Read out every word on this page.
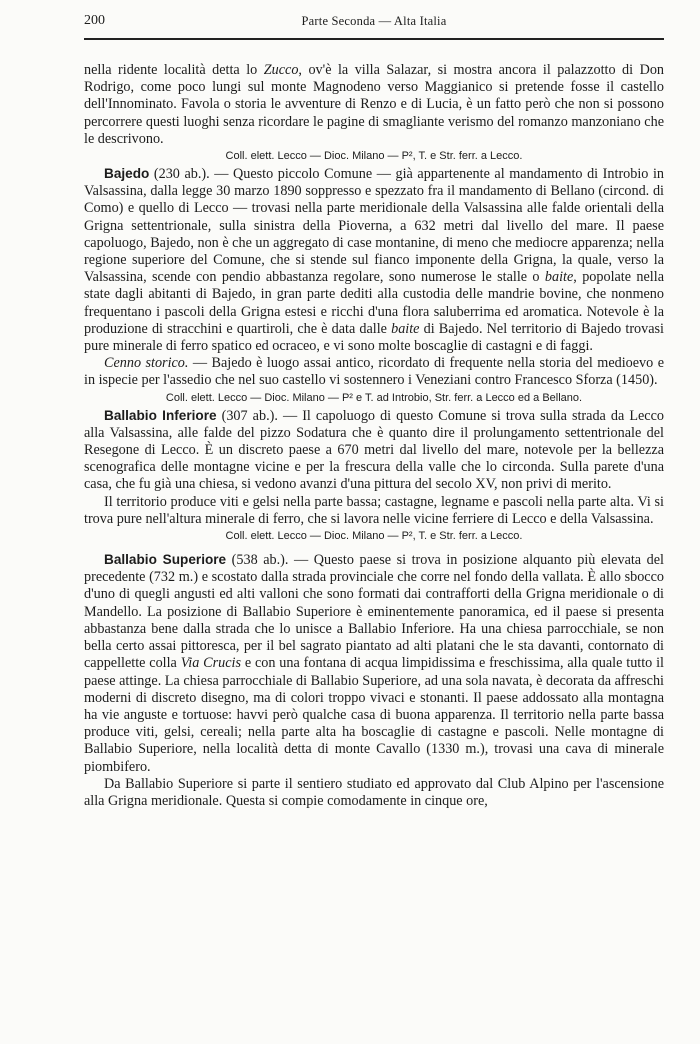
200	Parte Seconda — Alta Italia

nella ridente località detta lo Zucco, ov'è la villa Salazar, si mostra ancora il palazzotto di Don Rodrigo, come poco lungi sul monte Magnodeno verso Maggianico si pretende fosse il castello dell'Innominato. Favola o storia le avventure di Renzo e di Lucia, è un fatto però che non si possono percorrere questi luoghi senza ricordare le pagine di smagliante verismo del romanzo manzoniano che le descrivono.

Coll. elett. Lecco — Dioc. Milano — P², T. e Str. ferr. a Lecco.

Bajedo (230 ab.). — Questo piccolo Comune — già appartenente al mandamento di Introbio in Valsassina, dalla legge 30 marzo 1890 soppresso e spezzato fra il mandamento di Bellano (circond. di Como) e quello di Lecco — trovasi nella parte meridionale della Valsassina alle falde orientali della Grigna settentrionale, sulla sinistra della Pioverna, a 632 metri dal livello del mare. Il paese capoluogo, Bajedo, non è che un aggregato di case montanine, di meno che mediocre apparenza; nella regione superiore del Comune, che si stende sul fianco imponente della Grigna, la quale, verso la Valsassina, scende con pendio abbastanza regolare, sono numerose le stalle o baite, popolate nella state dagli abitanti di Bajedo, in gran parte dediti alla custodia delle mandrie bovine, che nonmeno frequentano i pascoli della Grigna estesi e ricchi d'una flora saluberrima ed aromatica. Notevole è la produzione di stracchini e quartiroli, che è data dalle baite di Bajedo. Nel territorio di Bajedo trovasi pure minerale di ferro spatico ed ocraceo, e vi sono molte boscaglie di castagni e di faggi.

Cenno storico. — Bajedo è luogo assai antico, ricordato di frequente nella storia del medioevo e in ispecie per l'assedio che nel suo castello vi sostennero i Veneziani contro Francesco Sforza (1450).

Coll. elett. Lecco — Dioc. Milano — P² e T. ad Introbio, Str. ferr. a Lecco ed a Bellano.

Ballabio Inferiore (307 ab.). — Il capoluogo di questo Comune si trova sulla strada da Lecco alla Valsassina, alle falde del pizzo Sodatura che è quanto dire il prolungamento settentrionale del Resegone di Lecco. È un discreto paese a 670 metri dal livello del mare, notevole per la bellezza scenografica delle montagne vicine e per la frescura della valle che lo circonda. Sulla parete d'una casa, che fu già una chiesa, si vedono avanzi d'una pittura del secolo XV, non privi di merito.

Il territorio produce viti e gelsi nella parte bassa; castagne, legname e pascoli nella parte alta. Vi si trova pure nell'altura minerale di ferro, che si lavora nelle vicine ferriere di Lecco e della Valsassina.

Coll. elett. Lecco — Dioc. Milano — P², T. e Str. ferr. a Lecco.

Ballabio Superiore (538 ab.). — Questo paese si trova in posizione alquanto più elevata del precedente (732 m.) e scostato dalla strada provinciale che corre nel fondo della vallata. È allo sbocco d'uno di quegli angusti ed alti valloni che sono formati dai contrafforti della Grigna meridionale o di Mandello. La posizione di Ballabio Superiore è eminentemente panoramica, ed il paese si presenta abbastanza bene dalla strada che lo unisce a Ballabio Inferiore. Ha una chiesa parrocchiale, se non bella certo assai pittoresca, per il bel sagrato piantato ad alti platani che le sta davanti, contornato di cappellette colla Via Crucis e con una fontana di acqua limpidissima e freschissima, alla quale tutto il paese attinge. La chiesa parrocchiale di Ballabio Superiore, ad una sola navata, è decorata da affreschi moderni di discreto disegno, ma di colori troppo vivaci e stonanti. Il paese addossato alla montagna ha vie anguste e tortuose: havvi però qualche casa di buona apparenza. Il territorio nella parte bassa produce viti, gelsi, cereali; nella parte alta ha boscaglie di castagne e pascoli. Nelle montagne di Ballabio Superiore, nella località detta di monte Cavallo (1330 m.), trovasi una cava di minerale piombifero.

Da Ballabio Superiore si parte il sentiero studiato ed approvato dal Club Alpino per l'ascensione alla Grigna meridionale. Questa si compie comodamente in cinque ore,
